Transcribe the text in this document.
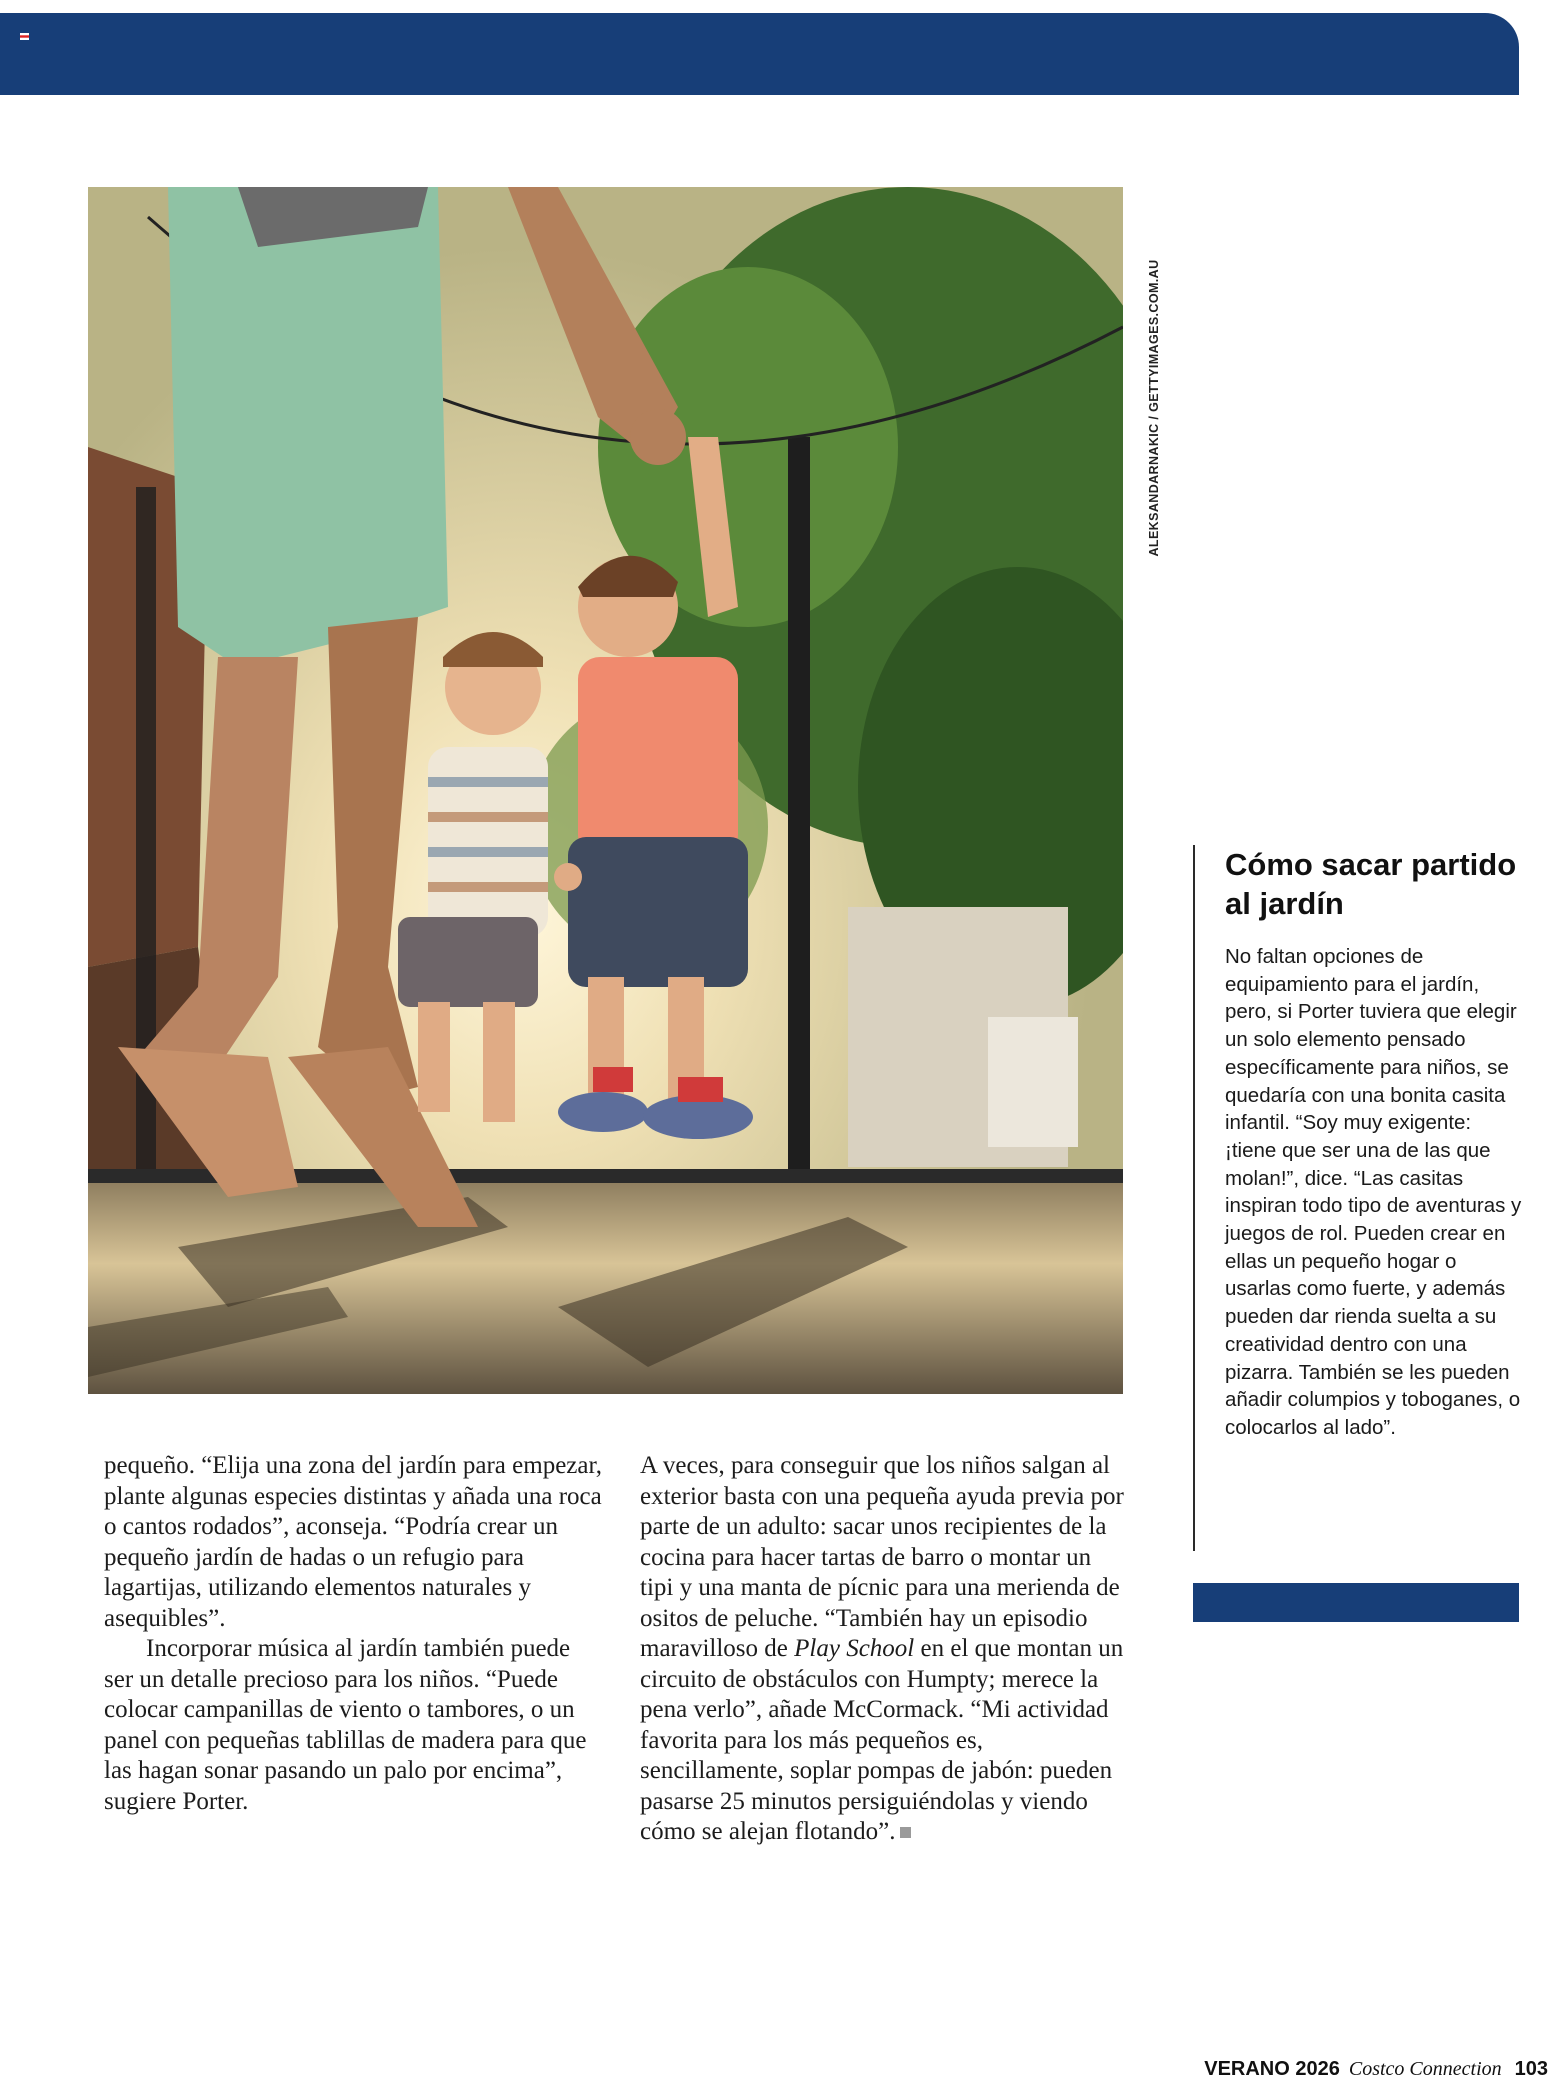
ALEKSANDARNAKIC / GETTYIMAGES.COM.AU

pequeño. “Elija una zona del jardín para empezar, plante algunas especies distintas y añada una roca o cantos rodados”, aconseja. “Podría crear un pequeño jardín de hadas o un refugio para lagartijas, utilizando elementos naturales y asequibles”.

Incorporar música al jardín también puede ser un detalle precioso para los niños. “Puede colocar campanillas de viento o tambores, o un panel con pequeñas tablillas de madera para que las hagan sonar pasando un palo por encima”, sugiere Porter.

A veces, para conseguir que los niños salgan al exterior basta con una pequeña ayuda previa por parte de un adulto: sacar unos recipientes de la cocina para hacer tartas de barro o montar un tipi y una manta de pícnic para una merienda de ositos de peluche. “También hay un episodio maravilloso de Play School en el que montan un circuito de obstáculos con Humpty; merece la pena verlo”, añade McCormack. “Mi actividad favorita para los más pequeños es, sencillamente, soplar pompas de jabón: pueden pasarse 25 minutos persiguiéndolas y viendo cómo se alejan flotando”.

Cómo sacar partido al jardín

No faltan opciones de equipamiento para el jardín, pero, si Porter tuviera que elegir un solo elemento pensado específicamente para niños, se quedaría con una bonita casita infantil. “Soy muy exigente: ¡tiene que ser una de las que molan!”, dice. “Las casitas inspiran todo tipo de aventuras y juegos de rol. Pueden crear en ellas un pequeño hogar o usarlas como fuerte, y además pueden dar rienda suelta a su creatividad dentro con una pizarra. También se les pueden añadir columpios y toboganes, o colocarlos al lado”.

VERANO 2026 Costco Connection 103
